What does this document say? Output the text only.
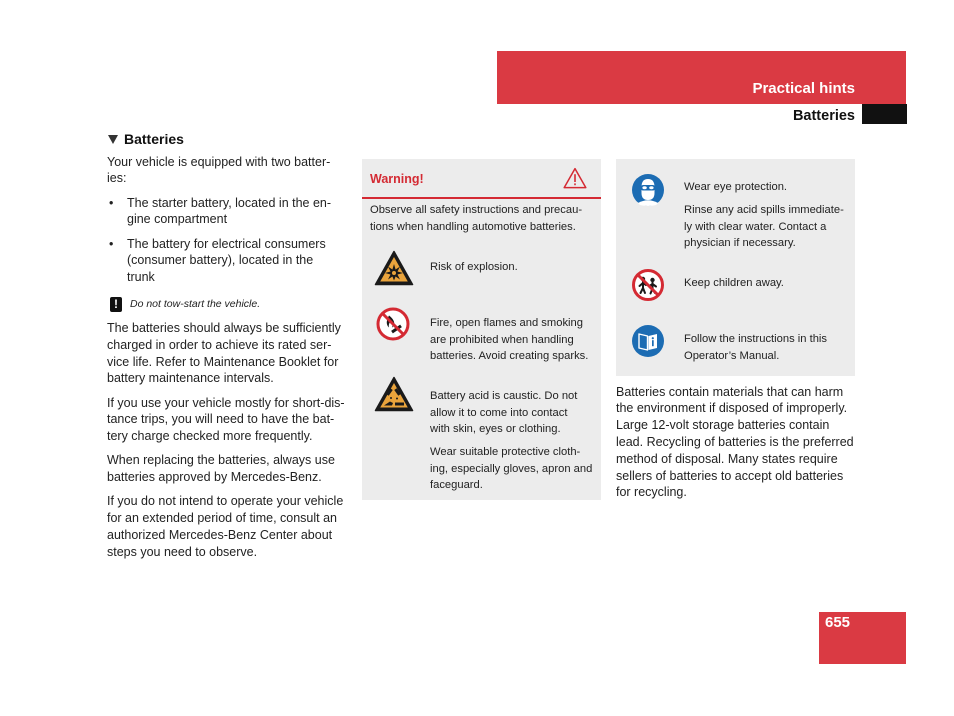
Practical hints
Batteries
Batteries
Your vehicle is equipped with two batter-
ies:
• The starter battery, located in the en-
gine compartment
• The battery for electrical consumers
(consumer battery), located in the
trunk
!
Do not tow-start the vehicle.
The batteries should always be sufficiently
charged in order to achieve its rated ser-
vice life. Refer to Maintenance Booklet for
battery maintenance intervals.
If you use your vehicle mostly for short-dis-
tance trips, you will need to have the bat-
tery charge checked more frequently.
When replacing the batteries, always use
batteries approved by Mercedes-Benz.
If you do not intend to operate your vehicle
for an extended period of time, consult an
authorized Mercedes-Benz Center about
steps you need to observe.
Warning!
Observe all safety instructions and precau-
tions when handling automotive batteries.
Risk of explosion.
Fire, open flames and smoking
are prohibited when handling
batteries. Avoid creating sparks.
Battery acid is caustic. Do not
allow it to come into contact
with skin, eyes or clothing.
Wear suitable protective cloth-
ing, especially gloves, apron and
faceguard.
Wear eye protection.
Rinse any acid spills immediate-
ly with clear water. Contact a
physician if necessary.
Keep children away.
Follow the instructions in this
Operator’s Manual.
Batteries contain materials that can harm
the environment if disposed of improperly.
Large 12-volt storage batteries contain
lead. Recycling of batteries is the preferred
method of disposal. Many states require
sellers of batteries to accept old batteries
for recycling.
655
